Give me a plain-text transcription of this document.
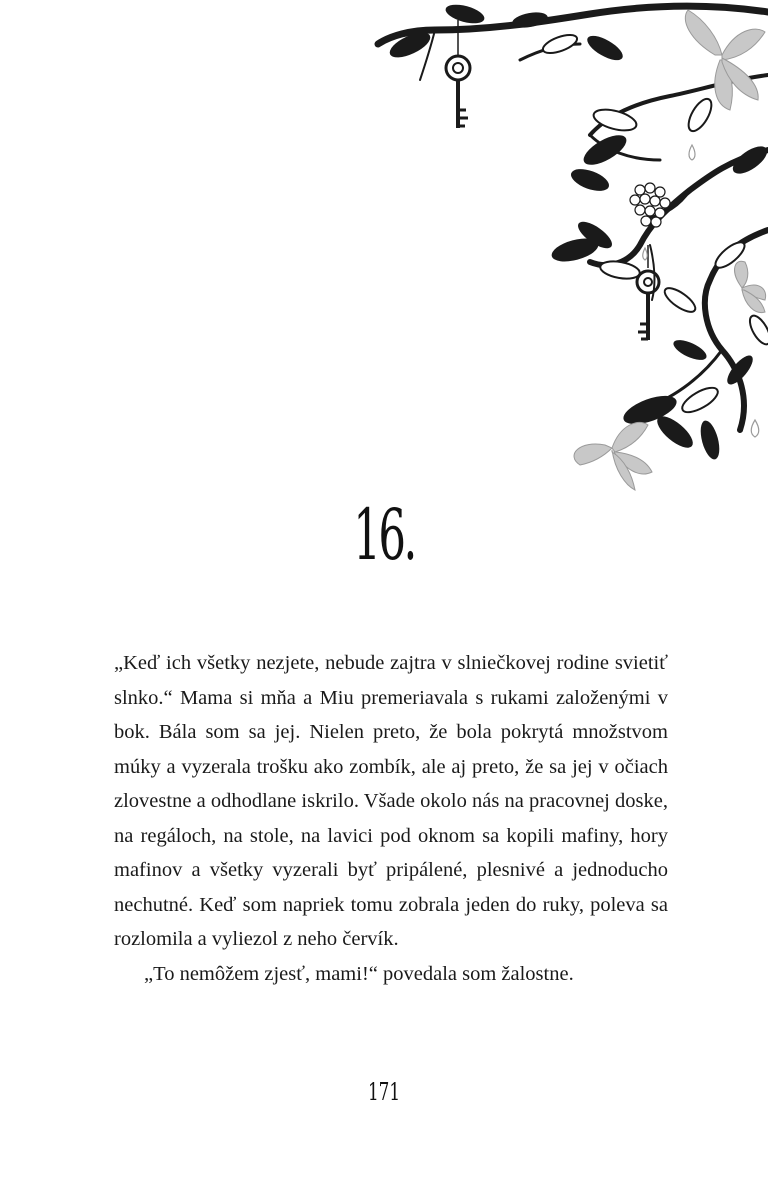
16.

„Keď ich všetky nezjete, nebude zajtra v slniečkovej rodine svietiť slnko.“ Mama si mňa a Miu premeriavala s rukami založenými v bok. Bála som sa jej. Nielen preto, že bola pokrytá množstvom múky a vyzerala trošku ako zombík, ale aj preto, že sa jej v očiach zlovestne a odhodlane iskrilo. Všade okolo nás na pracovnej doske, na regáloch, na stole, na lavici pod oknom sa kopili mafiny, hory mafinov a všetky vyzerali byť pripálené, plesnivé a jednoducho nechutné. Keď som napriek tomu zobrala jeden do ruky, poleva sa rozlomila a vyliezol z neho červík.

„To nemôžem zjesť, mami!“ povedala som žalostne.

171
